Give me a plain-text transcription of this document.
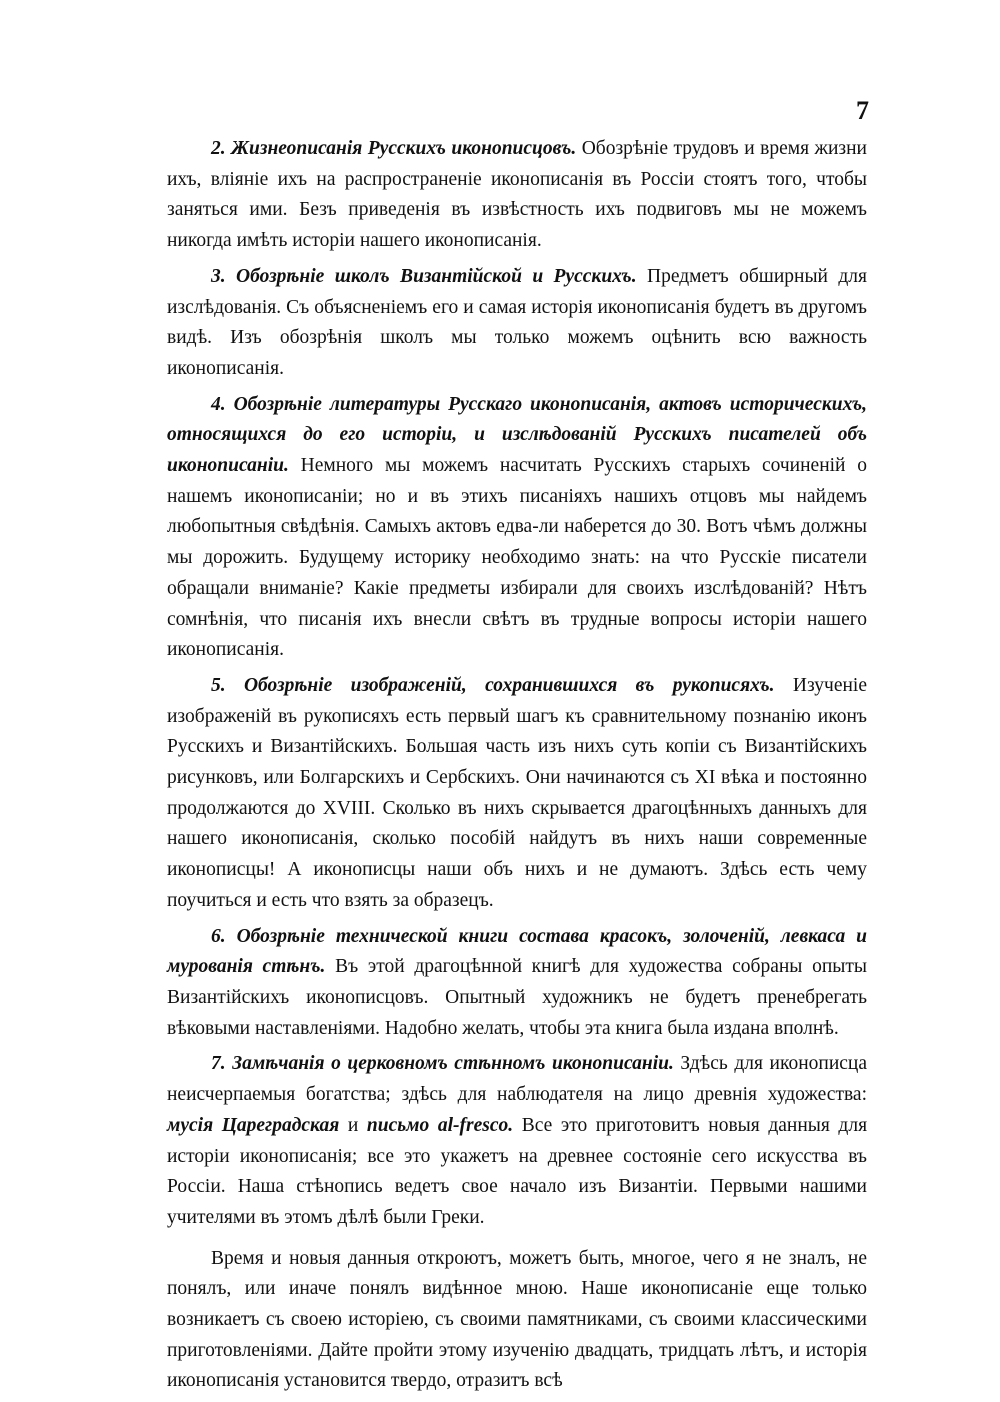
7

2. Жизнеописанія Русскихъ иконописцовъ. Обозрѣніе трудовъ и время жизни ихъ, вліяніе ихъ на распространеніе иконописанія въ Россіи стоятъ того, чтобы заняться ими. Безъ приведенія въ извѣстность ихъ подвиговъ мы не можемъ никогда имѣть исторіи нашего иконописанія.

3. Обозрѣніе школъ Византійской и Русскихъ. Предметъ обширный для изслѣдованія. Съ объясненіемъ его и самая исторія иконописанія будетъ въ другомъ видѣ. Изъ обозрѣнія школъ мы только можемъ оцѣнить всю важность иконописанія.

4. Обозрѣніе литературы Русскаго иконописанія, актовъ историческихъ, относящихся до его исторіи, и изслѣдованій Русскихъ писателей объ иконописаніи. Немного мы можемъ насчитать Русскихъ старыхъ сочиненій о нашемъ иконописаніи; но и въ этихъ писаніяхъ нашихъ отцовъ мы найдемъ любопытныя свѣдѣнія. Самыхъ актовъ едва-ли наберется до 30. Вотъ чѣмъ должны мы дорожить. Будущему историку необходимо знать: на что Русскіе писатели обращали вниманіе? Какіе предметы избирали для своихъ изслѣдованій? Нѣтъ сомнѣнія, что писанія ихъ внесли свѣтъ въ трудные вопросы исторіи нашего иконописанія.

5. Обозрѣніе изображеній, сохранившихся въ рукописяхъ. Изученіе изображеній въ рукописяхъ есть первый шагъ къ сравнительному познанію иконъ Русскихъ и Византійскихъ. Большая часть изъ нихъ суть копіи съ Византійскихъ рисунковъ, или Болгарскихъ и Сербскихъ. Они начинаются съ XI вѣка и постоянно продолжаются до XVIII. Сколько въ нихъ скрывается драгоцѣнныхъ данныхъ для нашего иконописанія, сколько пособій найдутъ въ нихъ наши современные иконописцы! А иконописцы наши объ нихъ и не думаютъ. Здѣсь есть чему поучиться и есть что взять за образецъ.

6. Обозрѣніе технической книги состава красокъ, золоченій, левкаса и мурованія стѣнъ. Въ этой драгоцѣнной книгѣ для художества собраны опыты Византійскихъ иконописцовъ. Опытный художникъ не будетъ пренебрегать вѣковыми наставленіями. Надобно желать, чтобы эта книга была издана вполнѣ.

7. Замѣчанія о церковномъ стѣнномъ иконописаніи. Здѣсь для иконописца неисчерпаемыя богатства; здѣсь для наблюдателя на лицо древнія художества: мусія Цареградская и письмо al-fresco. Все это приготовитъ новыя данныя для исторіи иконописанія; все это укажетъ на древнее состояніе сего искусства въ Россіи. Наша стѣнопись ведетъ свое начало изъ Византіи. Первыми нашими учителями въ этомъ дѣлѣ были Греки.

Время и новыя данныя откроютъ, можетъ быть, многое, чего я не зналъ, не понялъ, или иначе понялъ видѣнное мною. Наше иконописаніе еще только возникаетъ съ своею исторіею, съ своими памятниками, съ своими классическими приготовленіями. Дайте пройти этому изученію двадцать, тридцать лѣтъ, и исторія иконописанія установится твердо, отразитъ всѣ
